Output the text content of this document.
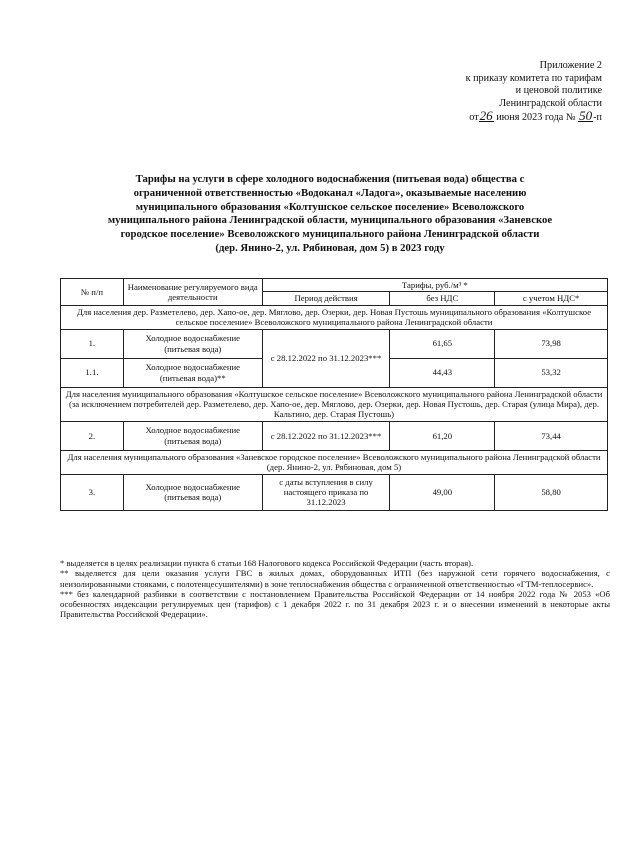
Приложение 2
к приказу комитета по тарифам
и ценовой политике
Ленинградской области
от26 июня 2023 года № 50-п
Тарифы на услуги в сфере холодного водоснабжения (питьевая вода) общества с
ограниченной ответственностью «Водоканал «Ладога», оказываемые населению
муниципального образования «Колтушское сельское поселение» Всеволожского
муниципального района Ленинградской области, муниципального образования «Заневское
городское поселение» Всеволожского муниципального района Ленинградской области
(дер. Янино-2, ул. Рябиновая, дом 5) в 2023 году
№ п/п	Наименование регулируемого вида деятельности	Тарифы, руб./м³ *		
		Период действия	без НДС	с учетом НДС*
Для населения дер. Разметелево, дер. Хапо-ое, дер. Мяглово, дер. Озерки, дер. Новая Пустошь муниципального образования «Колтушское сельское поселение» Всеволожского муниципального района Ленинградской области				
1.	Холодное водоснабжение (питьевая вода)	с 28.12.2022 по 31.12.2023***	61,65	73,98
1.1.	Холодное водоснабжение (питьевая вода)**		44,43	53,32
Для населения муниципального образования «Колтушское сельское поселение» Всеволожского муниципального района Ленинградской области (за исключением потребителей дер. Разметелево, дер. Хапо-ое, дер. Мяглово, дер. Озерки, дер. Новая Пустошь, дер. Старая (улица Мира), дер. Кальтино, дер. Старая Пустошь)				
2.	Холодное водоснабжение (питьевая вода)	с 28.12.2022 по 31.12.2023***	61,20	73,44
Для населения муниципального образования «Заневское городское поселение» Всеволожского муниципального района Ленинградской области (дер. Янино-2, ул. Рябиновая, дом 5)				
3.	Холодное водоснабжение (питьевая вода)	с даты вступления в силу настоящего приказа по 31.12.2023	49,00	58,80

* выделяется в целях реализации пункта 6 статьи 168 Налогового кодекса Российской Федерации (часть вторая).

** выделяется для цели оказания услуги ГВС в жилых домах, оборудованных ИТП (без наружной сети горячего водоснабжения, с неизолированными стояками, с полотенцесушителями) в зоне теплоснабжения общества с ограниченной ответственностью «ГТМ-теплосервис».

*** без календарной разбивки в соответствии с постановлением Правительства Российской Федерации от 14 ноября 2022 года № 2053 «Об особенностях индексации регулируемых цен (тарифов) с 1 декабря 2022 г. по 31 декабря 2023 г. и о внесении изменений в некоторые акты Правительства Российской Федерации».
